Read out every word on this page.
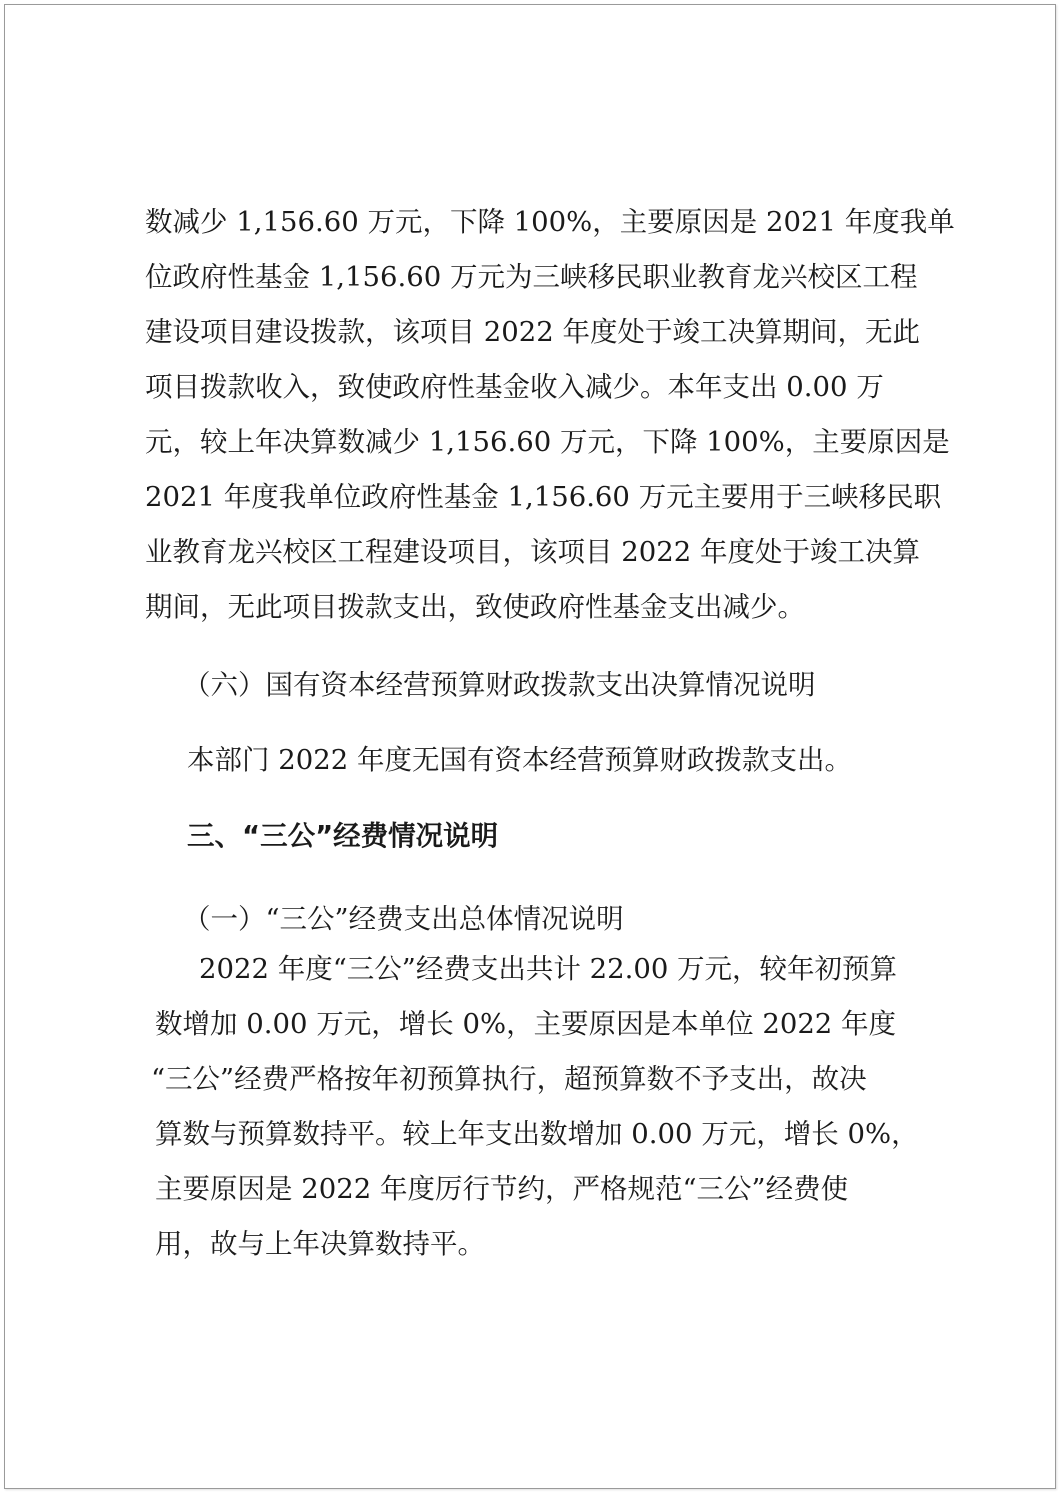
数减少 1,156.60 万元，下降 100%，主要原因是 2021 年度我单

位政府性基金 1,156.60 万元为三峡移民职业教育龙兴校区工程

建设项目建设拨款，该项目 2022 年度处于竣工决算期间，无此

项目拨款收入，致使政府性基金收入减少。本年支出 0.00 万

元，较上年决算数减少 1,156.60 万元，下降 100%，主要原因是

2021 年度我单位政府性基金 1,156.60 万元主要用于三峡移民职

业教育龙兴校区工程建设项目，该项目 2022 年度处于竣工决算

期间，无此项目拨款支出，致使政府性基金支出减少。

（六）国有资本经营预算财政拨款支出决算情况说明

本部门 2022 年度无国有资本经营预算财政拨款支出。

三、“三公”经费情况说明

（一）“三公”经费支出总体情况说明

2022 年度“三公”经费支出共计 22.00 万元，较年初预算

数增加 0.00 万元，增长 0%，主要原因是本单位 2022 年度

“三公”经费严格按年初预算执行，超预算数不予支出，故决

算数与预算数持平。较上年支出数增加 0.00 万元，增长 0%，

主要原因是 2022 年度厉行节约，严格规范“三公”经费使

用，故与上年决算数持平。
